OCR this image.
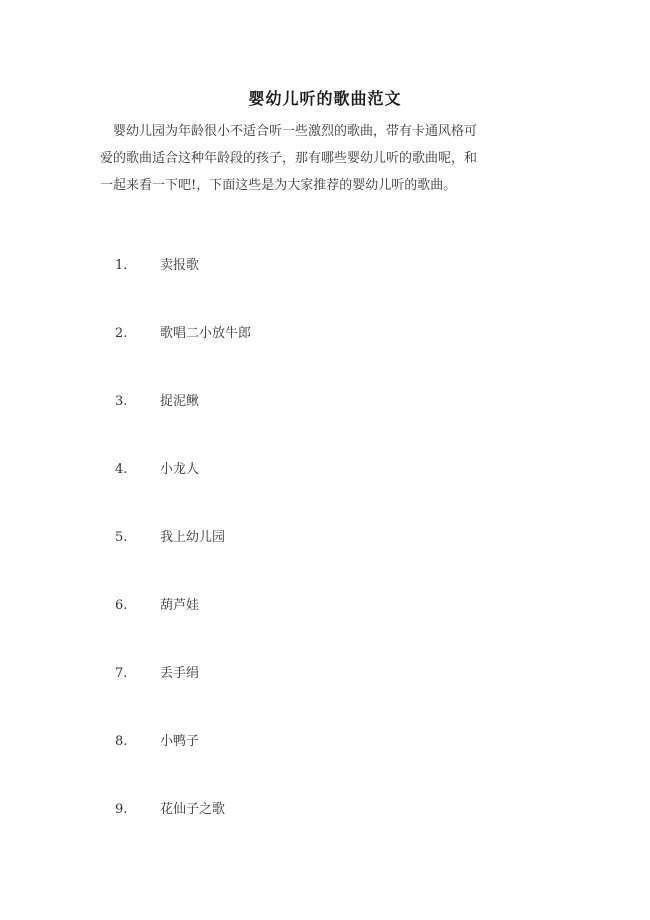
婴幼儿听的歌曲范文

婴幼儿园为年龄很小不适合听一些激烈的歌曲，带有卡通风格可

爱的歌曲适合这种年龄段的孩子，那有哪些婴幼儿听的歌曲呢，和

一起来看一下吧!，下面这些是为大家推荐的婴幼儿听的歌曲。

1.	卖报歌
2.	歌唱二小放牛郎
3.	捉泥鳅
4.	小龙人
5.	我上幼儿园
6.	葫芦娃
7.	丢手绢
8.	小鸭子
9.	花仙子之歌
